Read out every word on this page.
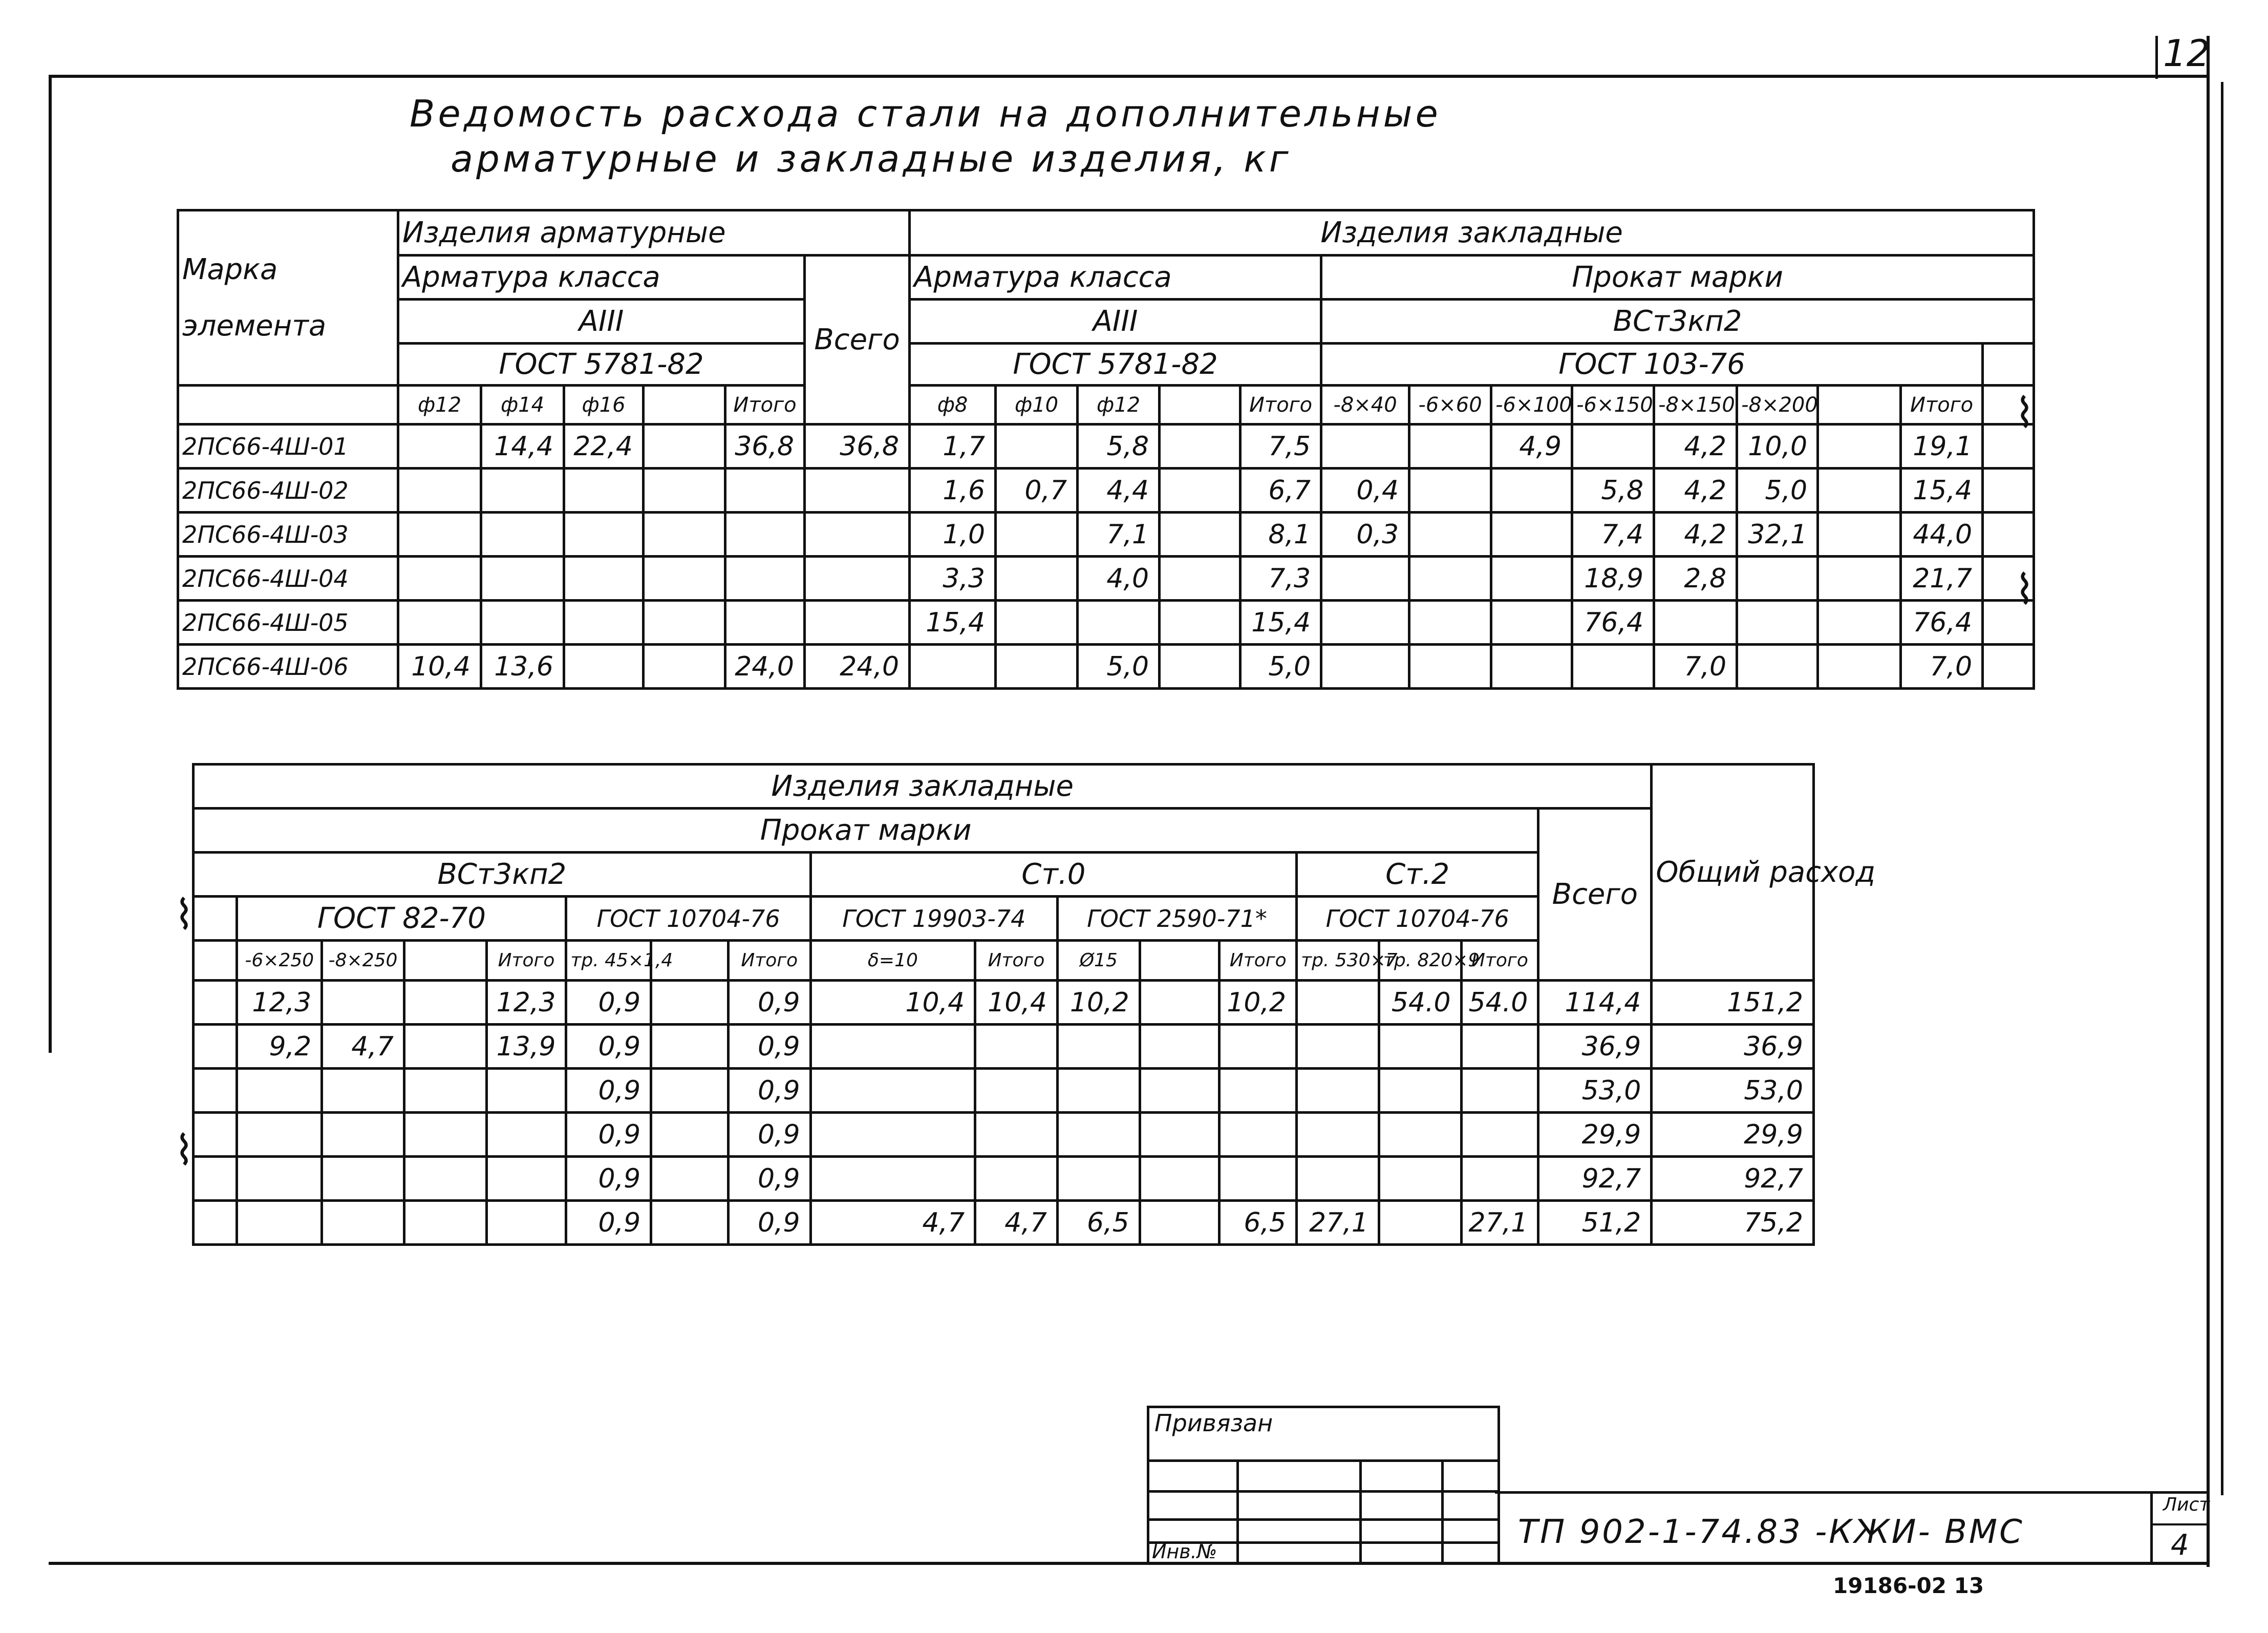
12
Ведомость расхода стали на дополнительные
арматурные и закладные изделия, кг
Марка элемента	Изделия арматурные						Изделия закладные													
	Арматура класса					Всего	Арматура класса					Прокат марки								
	АIII						АIII					ВСт3кп2								
	ГОСТ 5781-82						ГОСТ 5781-82					ГОСТ 103-76								
	ф12	ф14	ф16		Итого		ф8	ф10	ф12		Итого	-8×40	-6×60	-6×100	-6×150	-8×150	-8×200		Итого	
2ПС66-4Ш-01		14,4	22,4		36,8	36,8	1,7		5,8		7,5			4,9		4,2	10,0		19,1	
2ПС66-4Ш-02							1,6	0,7	4,4		6,7	0,4			5,8	4,2	5,0		15,4	
2ПС66-4Ш-03							1,0		7,1		8,1	0,3			7,4	4,2	32,1		44,0	
2ПС66-4Ш-04							3,3		4,0		7,3				18,9	2,8			21,7	
2ПС66-4Ш-05							15,4				15,4				76,4				76,4	
2ПС66-4Ш-06	10,4	13,6			24,0	24,0			5,0		5,0					7,0			7,0	
⌇
⌇
Изделия закладные																	Общий расход
Прокат марки																Всего	
ВСт3кп2								Ст.0					Ст.2				
	ГОСТ 82-70				ГОСТ 10704-76			ГОСТ 19903-74		ГОСТ 2590-71*			ГОСТ 10704-76				
	-6×250	-8×250		Итого	тр. 45×1,4		Итого	δ=10	Итого	Ø15		Итого	тр. 530×7	тр. 820×9	Итого		
	12,3			12,3	0,9		0,9	10,4	10,4	10,2		10,2		54.0	54.0	114,4	151,2
	9,2	4,7		13,9	0,9		0,9									36,9	36,9
					0,9		0,9									53,0	53,0
					0,9		0,9									29,9	29,9
					0,9		0,9									92,7	92,7
					0,9		0,9	4,7	4,7	6,5		6,5	27,1		27,1	51,2	75,2
⌇
⌇
Привязан
Инв.№
ТП 902-1-74.83 -КЖИ- ВМС
Лист
4
19186-02 13
